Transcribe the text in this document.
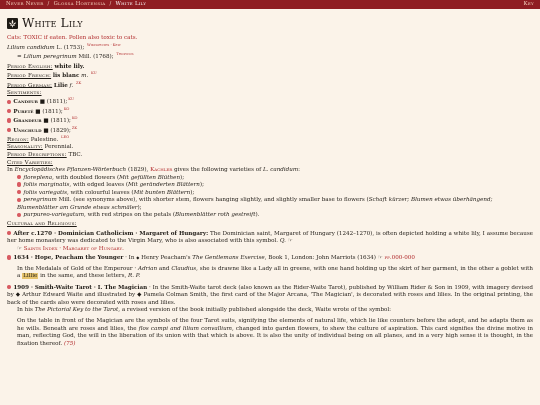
Never Never / Glossa Hortensia / White Lily	Key
White Lily
Cats: TOXIC if eaten. Pollen also toxic to cats.
Lilium candidum L. (1753); $^{Wikispecies \cdot Kew}$
= Lilium peregrinum Mill. (1768); $^{Tropicos}$
Period English: white lily.
Period French: lis blanc m. $^{KU}$
Period German: Lilie f. $^{ZK}$
Sentiments:
Candeur ■ (1811);$^{KU}$
Pureté ■ (1811);$^{KO}$
Grandeur ■ (1811);$^{KO}$
Unschuld ■ (1829);$^{ZK}$
Region: Palestine. $^{LEO}$
Seasonality: Perennial.
Period Descriptions: TBC.
Cited Varieties:
In Encyclopädisches Pflanzen-Wörterbuch (1829), Kachler gives the following varieties of L. candidum:
floreplena, with doubled flowers (Mit gefüllten Blüthen);
foliis marginatis, with edged leaves (Mit geränderten Blättern);
foliis variegatis, with colourful leaves (Mit bunten Blättern);
peregrinum Mill. (see synonyms above), with shorter stem, flowers hanging slightly, and slightly smaller base to flowers (Schaft kürzer; Blumen etwas überhängend; Blumenblätter am Grunde etwas schmäler);
purpureo-variegatum, with red stripes on the petals (Blumenblätter roth gestreift).
Cultural and Religious:
After c.1270 · Dominician Catholicism · Margaret of Hungary: The Dominician saint, Margaret of Hungary (1242–1270), is often depicted holding a white lily, I assume because her home monastery was dedicated to the Virgin Mary, who is also associated with this symbol. Q. ☞
☞ Saints Index · Margaret of Hungary.
1634 · Hope, Peacham the Younger · In ◆ Henry Peacham's The Gentlemans Exercise, Book 1, London: John Marriots (1634) ☞ pp.000-000
In the Medalals of Gold of the Emperour · Adrian and Claudius, she is drawne like a Lady all in greene, with one hand holding up the skirt of her garment, in the other a goblet with a Lillie in the same, and these letters, R. P.
1909 · Smith-Waite Tarot · I. The Magician · In the Smith-Waite tarot deck (also known as the Rider-Waite Tarot), published by William Rider & Son in 1909, with imagery devised by ◆ Arthur Edward Waite and illustrated by ◆ Pamela Colman Smith, the first card of the Major Arcana, 'The Magician', is decorated with roses and lilies. In the original printing, the back of the cards also were decorated with roses and lilies.
In his The Pictorial Key to the Tarot, a revised version of the book initially published alongside the deck, Waite wrote of the symbol:
On the table in front of the Magician are the symbols of the four Tarot suits, signifying the elements of natural life, which lie like counters before the adept, and he adapts them as he wills. Beneath are roses and lilies, the flos campi and lilium convallium, changed into garden flowers, to shew the culture of aspiration. This card signifies the divine motive in man, reflecting God, the will in the liberation of its union with that which is above. It is also the unity of individual being on all planes, and in a very high sense it is thought, in the fixation thereof. (75)
